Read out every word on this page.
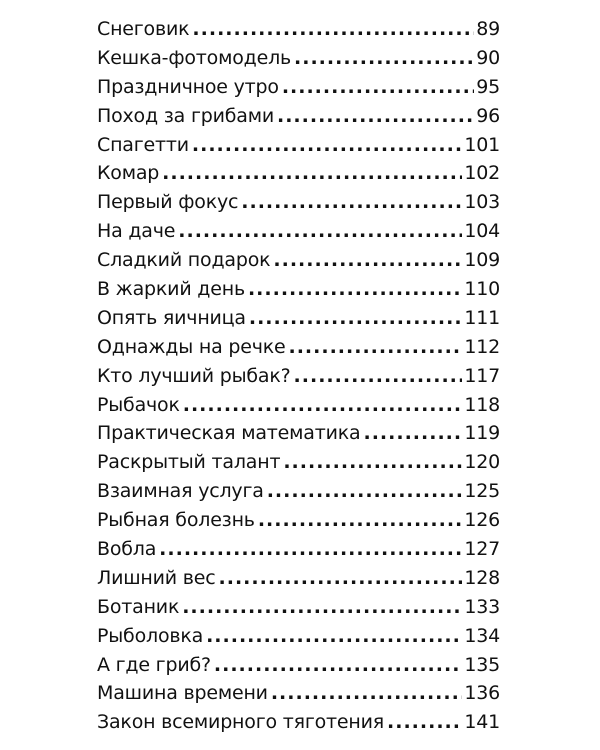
Снеговик .....	89
Кешка-фотомодель .....	90
Праздничное утро .....	95
Поход за грибами .....	96
Спагетти .....	101
Комар .....	102
Первый фокус .....	103
На даче .....	104
Сладкий подарок .....	109
В жаркий день .....	110
Опять яичница .....	111
Однажды на речке .....	112
Кто лучший рыбак? .....	117
Рыбачок .....	118
Практическая математика .....	119
Раскрытый талант .....	120
Взаимная услуга .....	125
Рыбная болезнь .....	126
Вобла .....	127
Лишний вес .....	128
Ботаник .....	133
Рыболовка .....	134
А где гриб? .....	135
Машина времени .....	136
Закон всемирного тяготения .....	141
